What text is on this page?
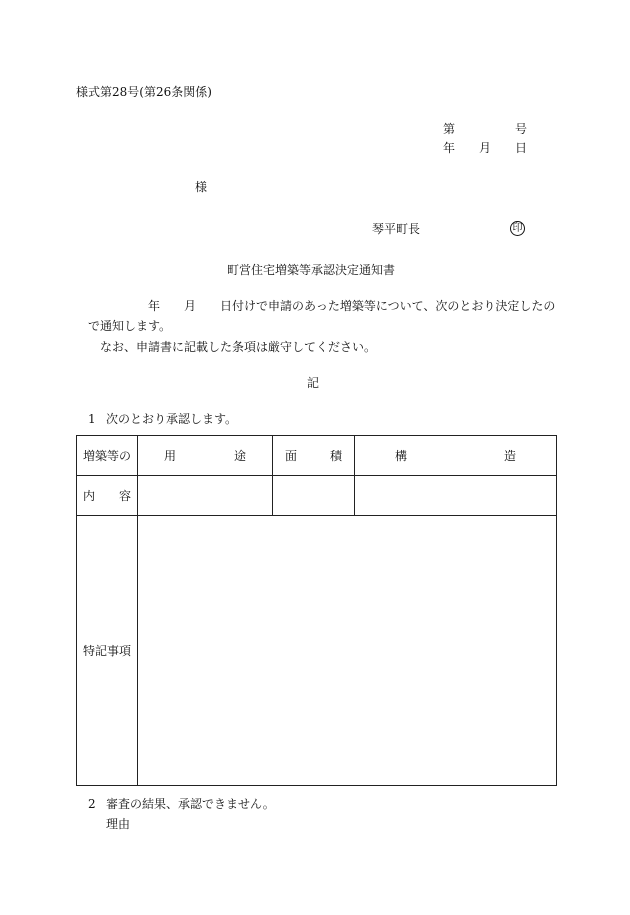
様式第28号(第26条関係)
第	号
年 月 日
様
琴平町長	印
町営住宅増築等承認決定通知書
年 月 日付けで申請のあった増築等について、次のとおり決定したの
で通知します。
なお、申請書に記載した条項は厳守してください。
記
1 次のとおり承認します。
増築等の	用 途	面 積	構 造

内 容			

特記事項			

2 審査の結果、承認できません。
理由
